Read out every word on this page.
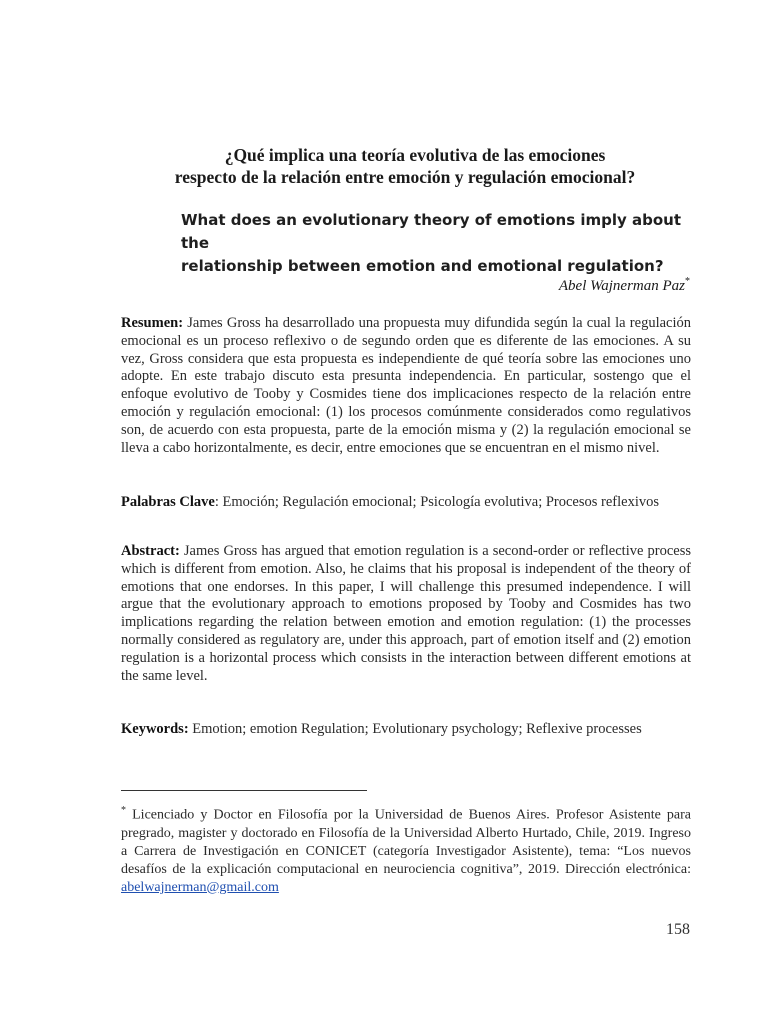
¿Qué implica una teoría evolutiva de las emociones
respecto de la relación entre emoción y regulación emocional?
What does an evolutionary theory of emotions imply about the
relationship between emotion and emotional regulation?
Abel Wajnerman Paz*
Resumen: James Gross ha desarrollado una propuesta muy difundida según la cual la regulación emocional es un proceso reflexivo o de segundo orden que es diferente de las emociones. A su vez, Gross considera que esta propuesta es independiente de qué teoría sobre las emociones uno adopte. En este trabajo discuto esta presunta independencia. En particular, sostengo que el enfoque evolutivo de Tooby y Cosmides tiene dos implicaciones respecto de la relación entre emoción y regulación emocional: (1) los procesos comúnmente considerados como regulativos son, de acuerdo con esta propuesta, parte de la emoción misma y (2) la regulación emocional se lleva a cabo horizontalmente, es decir, entre emociones que se encuentran en el mismo nivel.
Palabras Clave: Emoción; Regulación emocional; Psicología evolutiva; Procesos reflexivos
Abstract: James Gross has argued that emotion regulation is a second-order or reflective process which is different from emotion. Also, he claims that his proposal is independent of the theory of emotions that one endorses. In this paper, I will challenge this presumed independence. I will argue that the evolutionary approach to emotions proposed by Tooby and Cosmides has two implications regarding the relation between emotion and emotion regulation: (1) the processes normally considered as regulatory are, under this approach, part of emotion itself and (2) emotion regulation is a horizontal process which consists in the interaction between different emotions at the same level.
Keywords: Emotion; emotion Regulation; Evolutionary psychology; Reflexive processes
* Licenciado y Doctor en Filosofía por la Universidad de Buenos Aires. Profesor Asistente para pregrado, magister y doctorado en Filosofía de la Universidad Alberto Hurtado, Chile, 2019. Ingreso a Carrera de Investigación en CONICET (categoría Investigador Asistente), tema: “Los nuevos desafíos de la explicación computacional en neurociencia cognitiva”, 2019. Dirección electrónica: abelwajnerman@gmail.com
158
